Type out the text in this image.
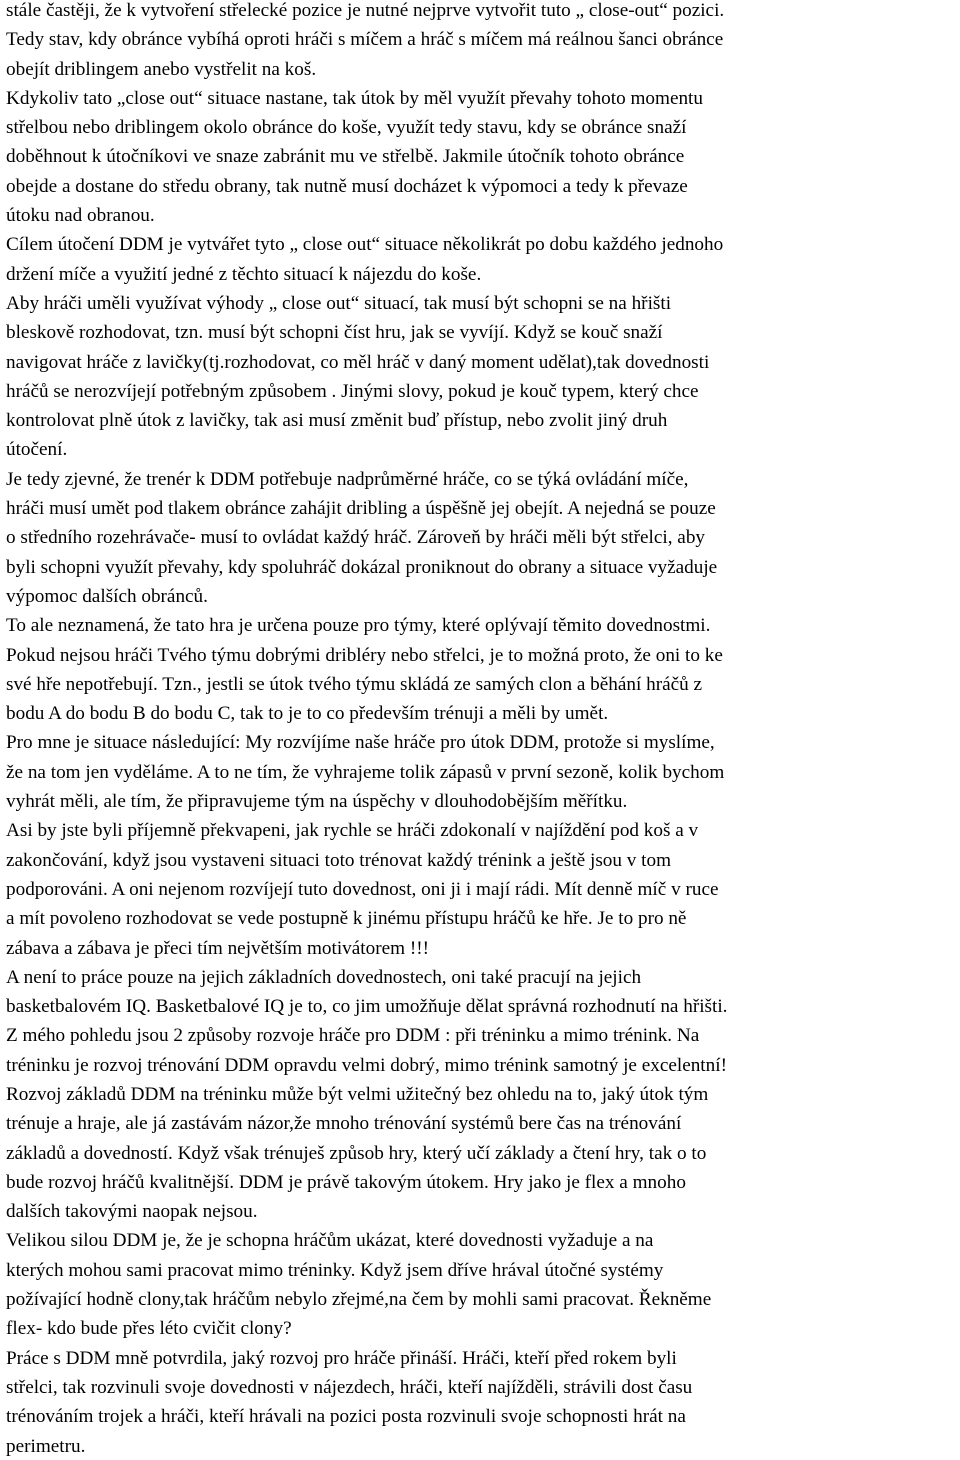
stále častěji, že k vytvoření střelecké pozice je nutné nejprve vytvořit tuto „ close-out“ pozici.
Tedy stav, kdy obránce vybíhá oproti hráči s míčem a hráč s míčem má reálnou šanci obránce
obejít driblingem anebo vystřelit na koš.

Kdykoliv tato „close out“ situace nastane, tak útok by měl využít převahy tohoto momentu
střelbou nebo driblingem okolo obránce do koše, využít tedy stavu, kdy se obránce snaží
doběhnout k útočníkovi ve snaze zabránit mu ve střelbě. Jakmile útočník tohoto obránce
obejde a dostane do středu obrany, tak nutně musí docházet k výpomoci a tedy k převaze
útoku nad obranou.

Cílem útočení DDM je vytvářet tyto „ close out“ situace několikrát po dobu každého jednoho
držení míče a využití jedné z těchto situací k nájezdu do koše.

Aby hráči uměli využívat výhody „ close out“ situací, tak musí být schopni se na hřišti
bleskově rozhodovat, tzn. musí být schopni číst hru, jak se vyvíjí. Když se kouč snaží
navigovat hráče z lavičky(tj.rozhodovat, co měl hráč v daný moment udělat),tak dovednosti
hráčů se nerozvíjejí potřebným způsobem . Jinými slovy, pokud je kouč typem, který chce
kontrolovat plně útok z lavičky, tak asi musí změnit buď přístup, nebo zvolit jiný druh
útočení.

Je tedy zjevné, že trenér k DDM potřebuje nadprůměrné hráče, co se týká ovládání míče,
hráči musí umět pod tlakem obránce zahájit dribling a úspěšně jej obejít. A nejedná se pouze
o středního rozehrávače- musí to ovládat každý hráč. Zároveň by hráči měli být střelci, aby
byli schopni využít převahy, kdy spoluhráč dokázal proniknout do obrany a situace vyžaduje
výpomoc dalších obránců.

To ale neznamená, že tato hra je určena pouze pro týmy, které oplývají těmito dovednostmi.
Pokud nejsou hráči Tvého týmu dobrými dribléry nebo střelci, je to možná proto, že oni to ke
své hře nepotřebují. Tzn., jestli se útok tvého týmu skládá ze samých clon a běhání hráčů z
bodu A do bodu B do bodu C, tak to je to co především trénuji a měli by umět.

Pro mne je situace následující: My rozvíjíme naše hráče pro útok DDM, protože si myslíme,
že na tom jen vyděláme. A to ne tím, že vyhrajeme tolik zápasů v první sezoně, kolik bychom
vyhrát měli, ale tím, že připravujeme tým na úspěchy v dlouhodobějším měřítku.

Asi by jste byli příjemně překvapeni, jak rychle se hráči zdokonalí v najíždění pod koš a v
zakončování, když jsou vystaveni situaci toto trénovat každý trénink a ještě jsou v tom
podporováni. A oni nejenom rozvíjejí tuto dovednost, oni ji i mají rádi. Mít denně míč v ruce
a mít povoleno rozhodovat se vede postupně k jinému přístupu hráčů ke hře. Je to pro ně
zábava a zábava je přeci tím největším motivátorem !!!

A není to práce pouze na jejich základních dovednostech, oni také pracují na jejich
basketbalovém IQ. Basketbalové IQ je to, co jim umožňuje dělat správná rozhodnutí na hřišti.
Z mého pohledu jsou 2 způsoby rozvoje hráče pro DDM : při tréninku a mimo trénink. Na
tréninku je rozvoj trénování DDM opravdu velmi dobrý, mimo trénink samotný je excelentní!

Rozvoj základů DDM na tréninku může být velmi užitečný bez ohledu na to, jaký útok tým
trénuje a hraje, ale já zastávám názor,že mnoho trénování systémů bere čas na trénování
základů a dovedností. Když však trénuješ způsob hry, který učí základy a čtení hry, tak o to
bude rozvoj hráčů kvalitnější. DDM je právě takovým útokem. Hry jako je flex a mnoho
dalších takovými naopak nejsou.

Velikou silou DDM je, že je schopna hráčům ukázat, které dovednosti vyžaduje a na
kterých mohou sami pracovat mimo tréninky. Když jsem dříve hrával útočné systémy
požívající hodně clony,tak hráčům nebylo zřejmé,na čem by mohli sami pracovat. Řekněme
flex- kdo bude přes léto cvičit clony?

Práce s DDM mně potvrdila, jaký rozvoj pro hráče přináší. Hráči, kteří před rokem byli
střelci, tak rozvinuli svoje dovednosti v nájezdech, hráči, kteří najížděli, strávili dost času
trénováním trojek a hráči, kteří hrávali na pozici posta rozvinuli svoje schopnosti hrát na
perimetru.
